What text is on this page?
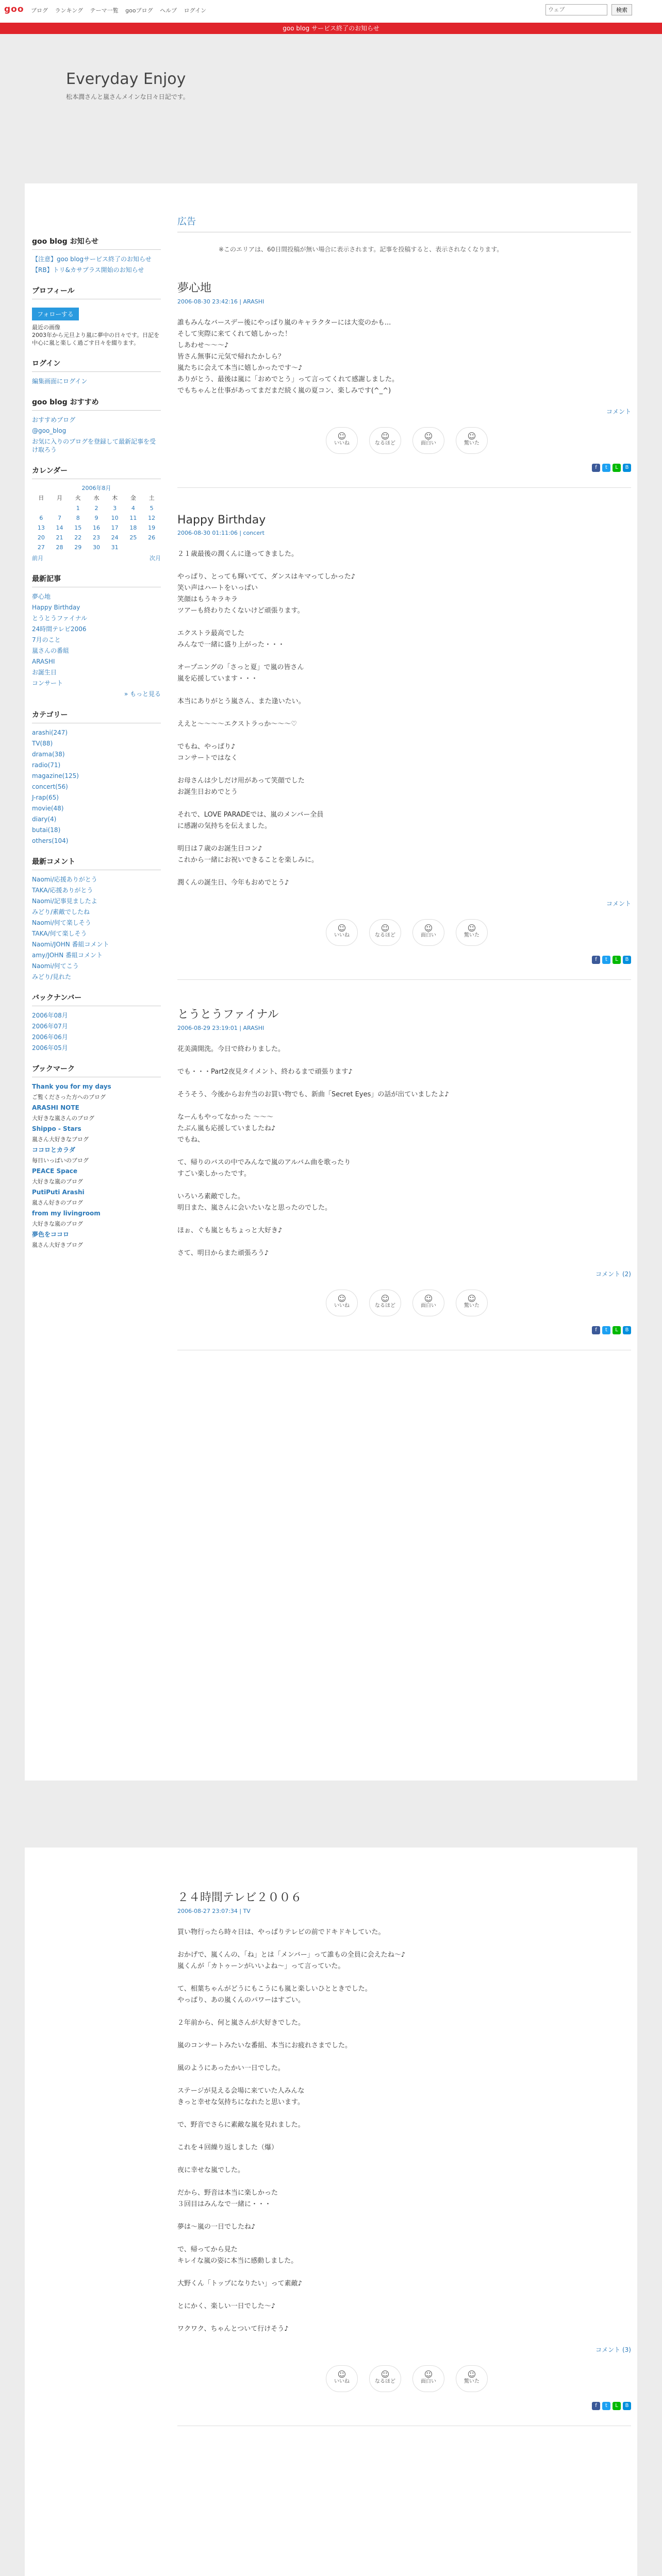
goo ブログ ランキング テーマ一覧 gooブログ ヘルプ ログイン
ウェブ	検索
goo blog サービス終了のお知らせ
Everyday Enjoy
松本潤さんと嵐さんメインな日々日記です。
goo blog お知らせ
【注意】goo blogサービス終了のお知らせ
【RB】トリ&カサプラス開始のお知らせ
プロフィール
フォローする
最近の画像
2003年から元旦より嵐に夢中の日々です。日記を中心に嵐と楽しく過ごす日々を綴ります。
ログイン
編集画面にログイン
goo blog おすすめ
おすすめブログ
@goo_blog
お気に入りのブログを登録して最新記事を受け取ろう
カレンダー
2006年8月
日	月	火	水	木	金	土
		1	2	3	4	5
6	7	8	9	10	11	12
13	14	15	16	17	18	19
20	21	22	23	24	25	26
27	28	29	30	31		
前月	次月
最新記事
夢心地
Happy Birthday
とうとうファイナル
24時間テレビ2006
7月のこと
嵐さんの番組
ARASHI
お誕生日
コンサート
» もっと見る
カテゴリー
arashi(247)
TV(88)
drama(38)
radio(71)
magazine(125)
concert(56)
J-rap(65)
movie(48)
diary(4)
butai(18)
others(104)
最新コメント
Naomi/応援ありがとう
TAKA/応援ありがとう
Naomi/記事見ましたよ
みどり/素敵でしたね
Naomi/何て楽しそう
TAKA/何て楽しそう
Naomi/JOHN 番組コメント
amy/JOHN 番組コメント
Naomi/何てこう
みどり/見れた
バックナンバー
2006年08月
2006年07月
2006年06月
2006年05月
ブックマーク
Thank you for my days
ご覧くださった方へのブログ
ARASHI NOTE
大好きな嵐さんのブログ
Shippo - Stars
嵐さん大好きなブログ
ココロとカラダ
毎日いっぱいのブログ
PEACE Space
大好きな嵐のブログ
PutiPuti Arashi
嵐さん好きのブログ
from my livingroom
大好きな嵐のブログ
夢色をココロ
嵐さん大好きブログ
広告
※このエリアは、60日間投稿が無い場合に表示されます。記事を投稿すると、表示されなくなります。
夢心地
2006-08-30 23:42:16 | ARASHI
誰もみんなバースデー後にやっぱり嵐のキャラクターには大変のかも...
そして実際に来てくれて嬉しかった！
しあわせ〜〜〜♪
皆さん無事に元気で帰れたかしら？
嵐たちに会えて本当に嬉しかったです〜♪
ありがとう、最後は嵐に「おめでとう」って言ってくれて感謝しました。
でもちゃんと仕事があってまだまだ続く嵐の夏コン、楽しみです(^_^)
コメント
☺
いいね
☺
なるほど
☺
面白い
☺
驚いた
f t L B
Happy Birthday
2006-08-30 01:11:06 | concert
２１歳最後の潤くんに逢ってきました。

やっぱり、とっても輝いてて、ダンスはキマってしかった♪
笑い声はハートをいっぱい
笑顔はもうキラキラ
ツアーも終わりたくないけど頑張ります。

エクストラ最高でした
みんなで一緒に盛り上がった・・・

オープニングの「さっと夏」で嵐の皆さん
嵐を応援しています・・・

本当にありがとう嵐さん、また逢いたい。

ええと〜〜〜〜エクストラっか〜〜〜♡

でもね、やっぱり♪
コンサートではなく

お母さんは少しだけ用があって笑顔でした
お誕生日おめでとう

それで、LOVE PARADEでは、嵐のメンバー全員
に感謝の気持ちを伝えました。

明日は７歳のお誕生日コン♪
これから一緒にお祝いできることを楽しみに。

潤くんの誕生日、今年もおめでとう♪
コメント
☺
いいね
☺
なるほど
☺
面白い
☺
驚いた
f t L B
とうとうファイナル
2006-08-29 23:19:01 | ARASHI
花美満開洗。今日で終わりました。

でも・・・Part2夜見タイメント、終わるまで頑張ります♪

そうそう、今後からお弁当のお買い物でも、新曲「Secret Eyes」の話が出ていましたよ♪

なーんもやってなかった ～～～
たぶん嵐も応援していましたね♪
でもね、

て、帰りのバスの中でみんなで嵐のアルバム曲を歌ったり
すごい楽しかったです。

いろいろ素敵でした。
明日また、嵐さんに会いたいなと思ったのでした。

ほぉ、ぐも嵐ともちょっと大好き♪

さて、明日からまた頑張ろう♪
コメント (2)
☺
いいね
☺
なるほど
☺
面白い
☺
驚いた
f t L B
２４時間テレビ２００６
2006-08-27 23:07:34 | TV
買い物行ったら時々日は、やっぱりテレビの前でドキドキしていた。

おかげで、嵐くんの、「ね」とは「メンバー」って誰もの全員に会えたね〜♪
嵐くんが「カトゥーンがいいよね〜」って言っていた。

て、相葉ちゃんがどうにもこうにも嵐と楽しいひとときでした。
やっぱり、あの嵐くんのパワーはすごい。

２年前から、何と嵐さんが大好きでした。

嵐のコンサートみたいな番組、本当にお疲れさまでした。

風のようにあったかい一日でした。

ステージが見える会場に来ていた人みんな
きっと幸せな気持ちになれたと思います。

で、野音でさらに素敵な嵐を見れました。

これを４回繰り返しました（爆）

夜に幸せな嵐でした。

だから、野音は本当に楽しかった
３回目はみんなで一緒に・・・

夢は〜嵐の一日でしたね♪

で、帰ってから見た
キレイな嵐の姿に本当に感動しました。

大野くん「トップになりたい」って素敵♪

とにかく、楽しい一日でした〜♪

ワクワク、ちゃんとついて行けそう♪
コメント (3)
☺
いいね
☺
なるほど
☺
面白い
☺
驚いた
f t L B
